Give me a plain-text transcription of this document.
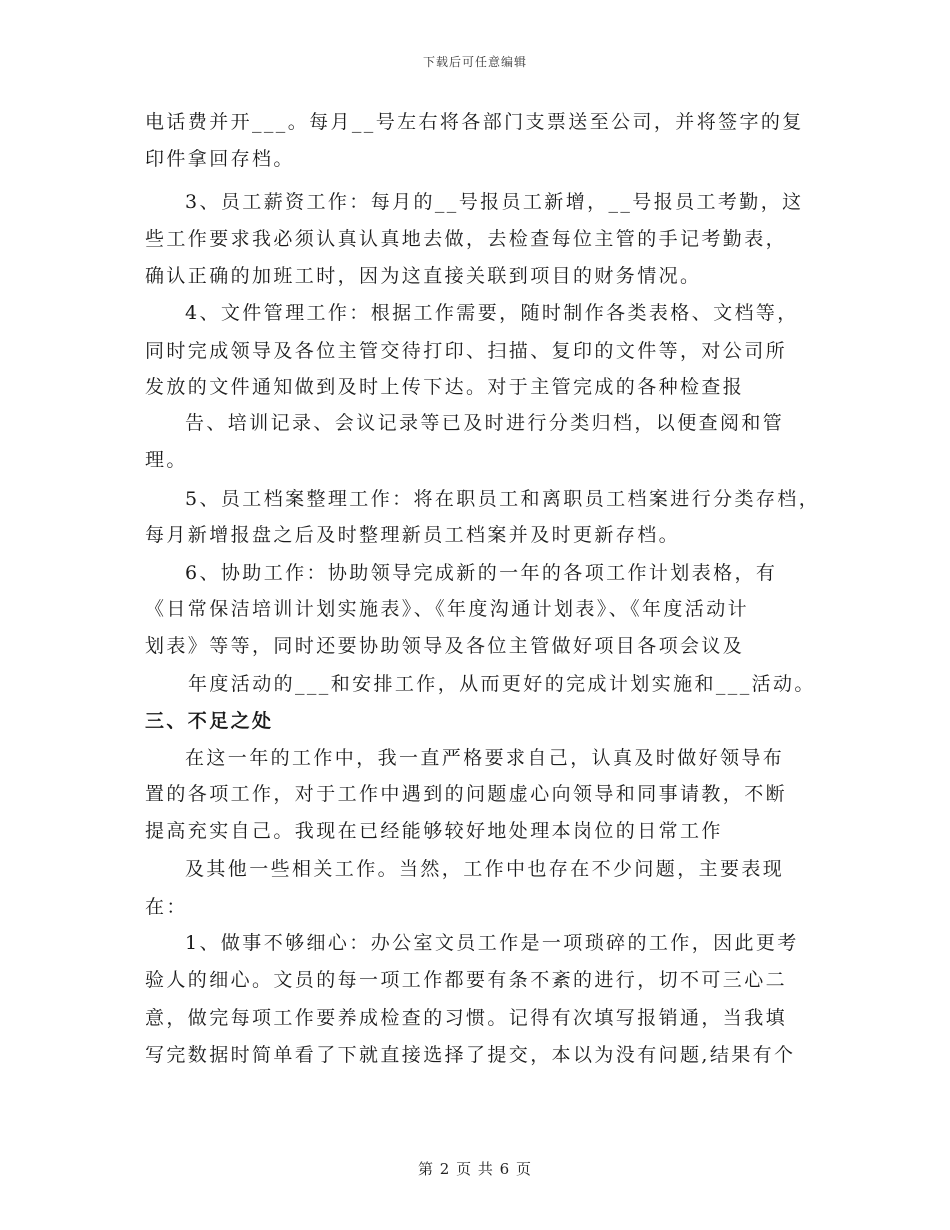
下载后可任意编辑
电话费并开___。每月__号左右将各部门支票送至公司，并将签字的复
印件拿回存档。
3、员工薪资工作：每月的__号报员工新增，__号报员工考勤，这
些工作要求我必须认真认真地去做，去检查每位主管的手记考勤表，
确认正确的加班工时，因为这直接关联到项目的财务情况。
4、文件管理工作：根据工作需要，随时制作各类表格、文档等，
同时完成领导及各位主管交待打印、扫描、复印的文件等，对公司所
发放的文件通知做到及时上传下达。对于主管完成的各种检查报
告、培训记录、会议记录等已及时进行分类归档，以便查阅和管
理。
5、员工档案整理工作：将在职员工和离职员工档案进行分类存档，
每月新增报盘之后及时整理新员工档案并及时更新存档。
6、协助工作：协助领导完成新的一年的各项工作计划表格，有
《日常保洁培训计划实施表》、《年度沟通计划表》、《年度活动计
划表》等等，同时还要协助领导及各位主管做好项目各项会议及
年度活动的___和安排工作，从而更好的完成计划实施和___活动。
三、不足之处
在这一年的工作中，我一直严格要求自己，认真及时做好领导布
置的各项工作，对于工作中遇到的问题虚心向领导和同事请教，不断
提高充实自己。我现在已经能够较好地处理本岗位的日常工作
及其他一些相关工作。当然，工作中也存在不少问题，主要表现
在：
1、做事不够细心：办公室文员工作是一项琐碎的工作，因此更考
验人的细心。文员的每一项工作都要有条不紊的进行，切不可三心二
意，做完每项工作要养成检查的习惯。记得有次填写报销通，当我填
写完数据时简单看了下就直接选择了提交，本以为没有问题,结果有个
第 2 页 共 6 页
